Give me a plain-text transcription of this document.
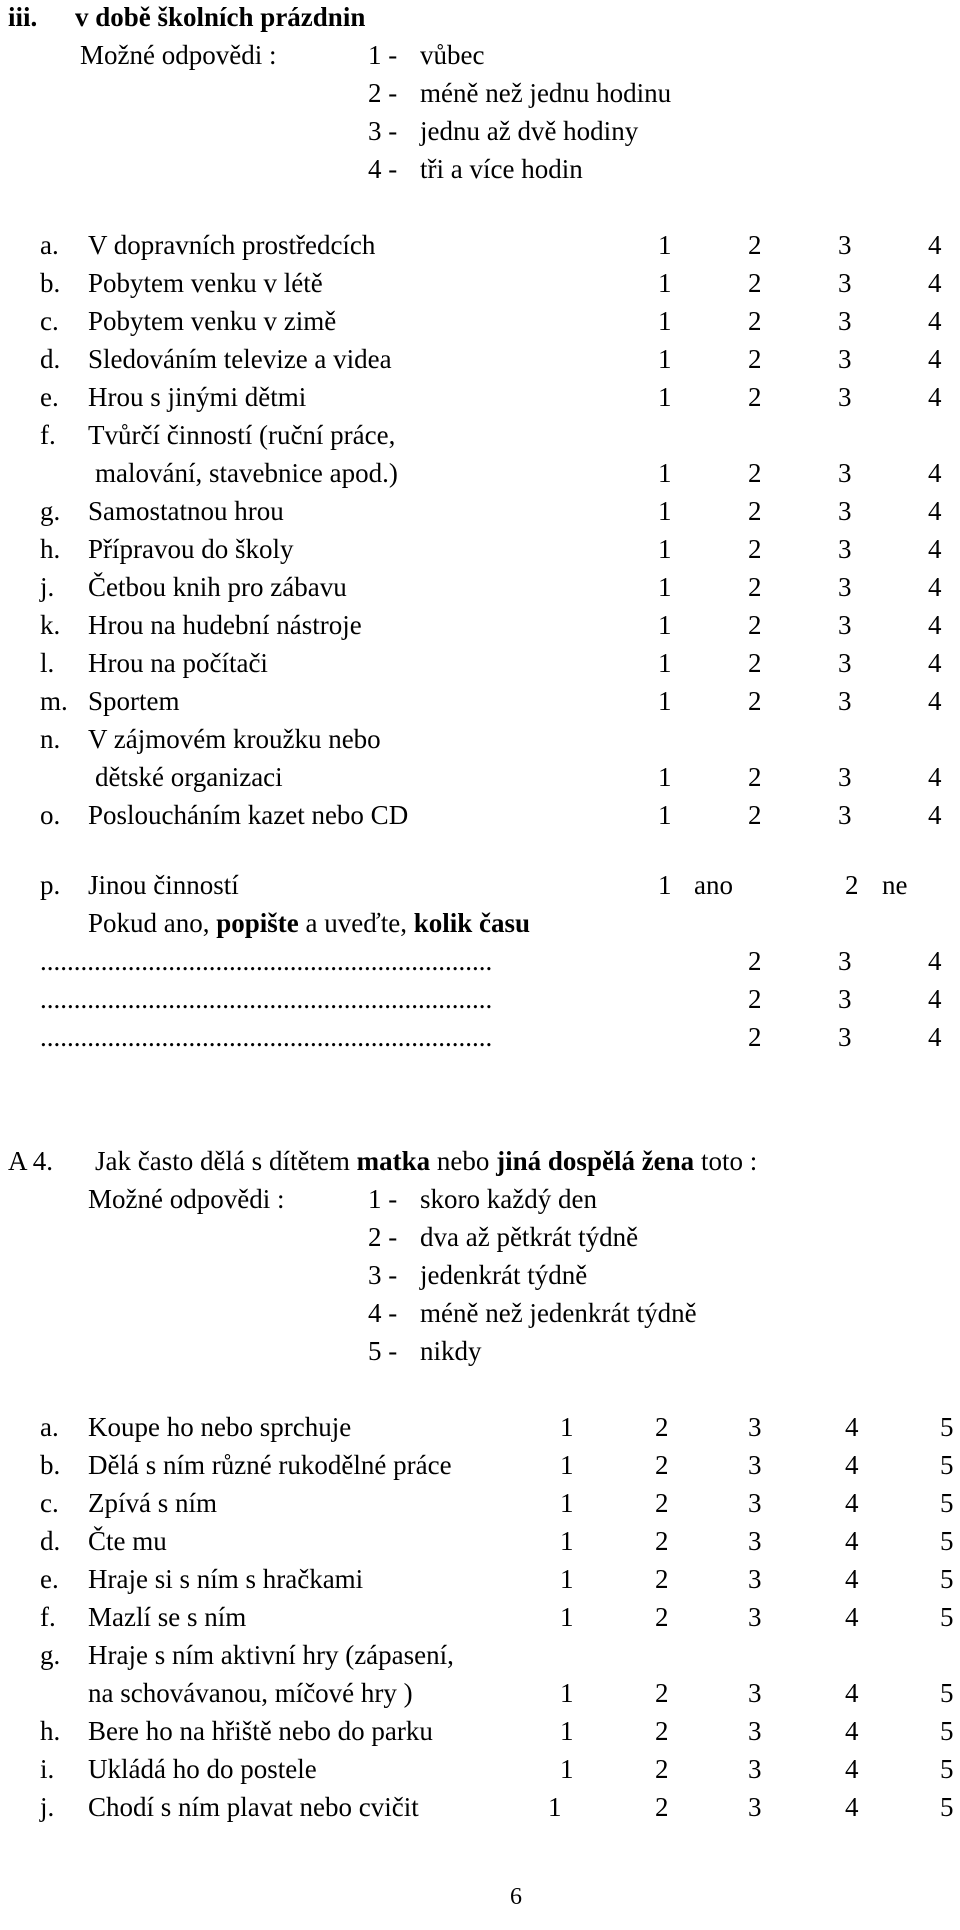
iii. v době školních prázdnin
Možné odpovědi :	1 - vůbec
2 - méně než jednu hodinu
3 - jednu až dvě hodiny
4 - tři a více hodin
a. V dopravních prostředcích	1	2	3	4
b. Pobytem venku v létě	1	2	3	4
c. Pobytem venku v zimě	1	2	3	4
d. Sledováním televize a videa	1	2	3	4
e. Hrou s jinými dětmi	1	2	3	4
f. Tvůrčí činností (ruční práce,
malování, stavebnice apod.)	1	2	3	4
g. Samostatnou hrou	1	2	3	4
h. Přípravou do školy	1	2	3	4
j. Četbou knih pro zábavu	1	2	3	4
k. Hrou na hudební nástroje	1	2	3	4
l. Hrou na počítači	1	2	3	4
m. Sportem	1	2	3	4
n. V zájmovém kroužku nebo
dětské organizaci	1	2	3	4
o. Posloucháním kazet nebo CD	1	2	3	4
p. Jinou činností	1 ano	2 ne
Pokud ano, popište a uveďte, kolik času
...................................................................	2	3	4
...................................................................	2	3	4
...................................................................	2	3	4
A 4. Jak často dělá s dítětem matka nebo jiná dospělá žena toto :
Možné odpovědi :	1 - skoro každý den
2 - dva až pětkrát týdně
3 - jedenkrát týdně
4 - méně než jedenkrát týdně
5 - nikdy
a. Koupe ho nebo sprchuje	1	2	3	4	5
b. Dělá s ním různé rukodělné práce	1	2	3	4	5
c. Zpívá s ním	1	2	3	4	5
d. Čte mu	1	2	3	4	5
e. Hraje si s ním s hračkami	1	2	3	4	5
f. Mazlí se s ním	1	2	3	4	5
g. Hraje s ním aktivní hry (zápasení,
na schovávanou, míčové hry )	1	2	3	4	5
h. Bere ho na hřiště nebo do parku	1	2	3	4	5
i. Ukládá ho do postele	1	2	3	4	5
j. Chodí s ním plavat nebo cvičit	1	2	3	4	5
6
